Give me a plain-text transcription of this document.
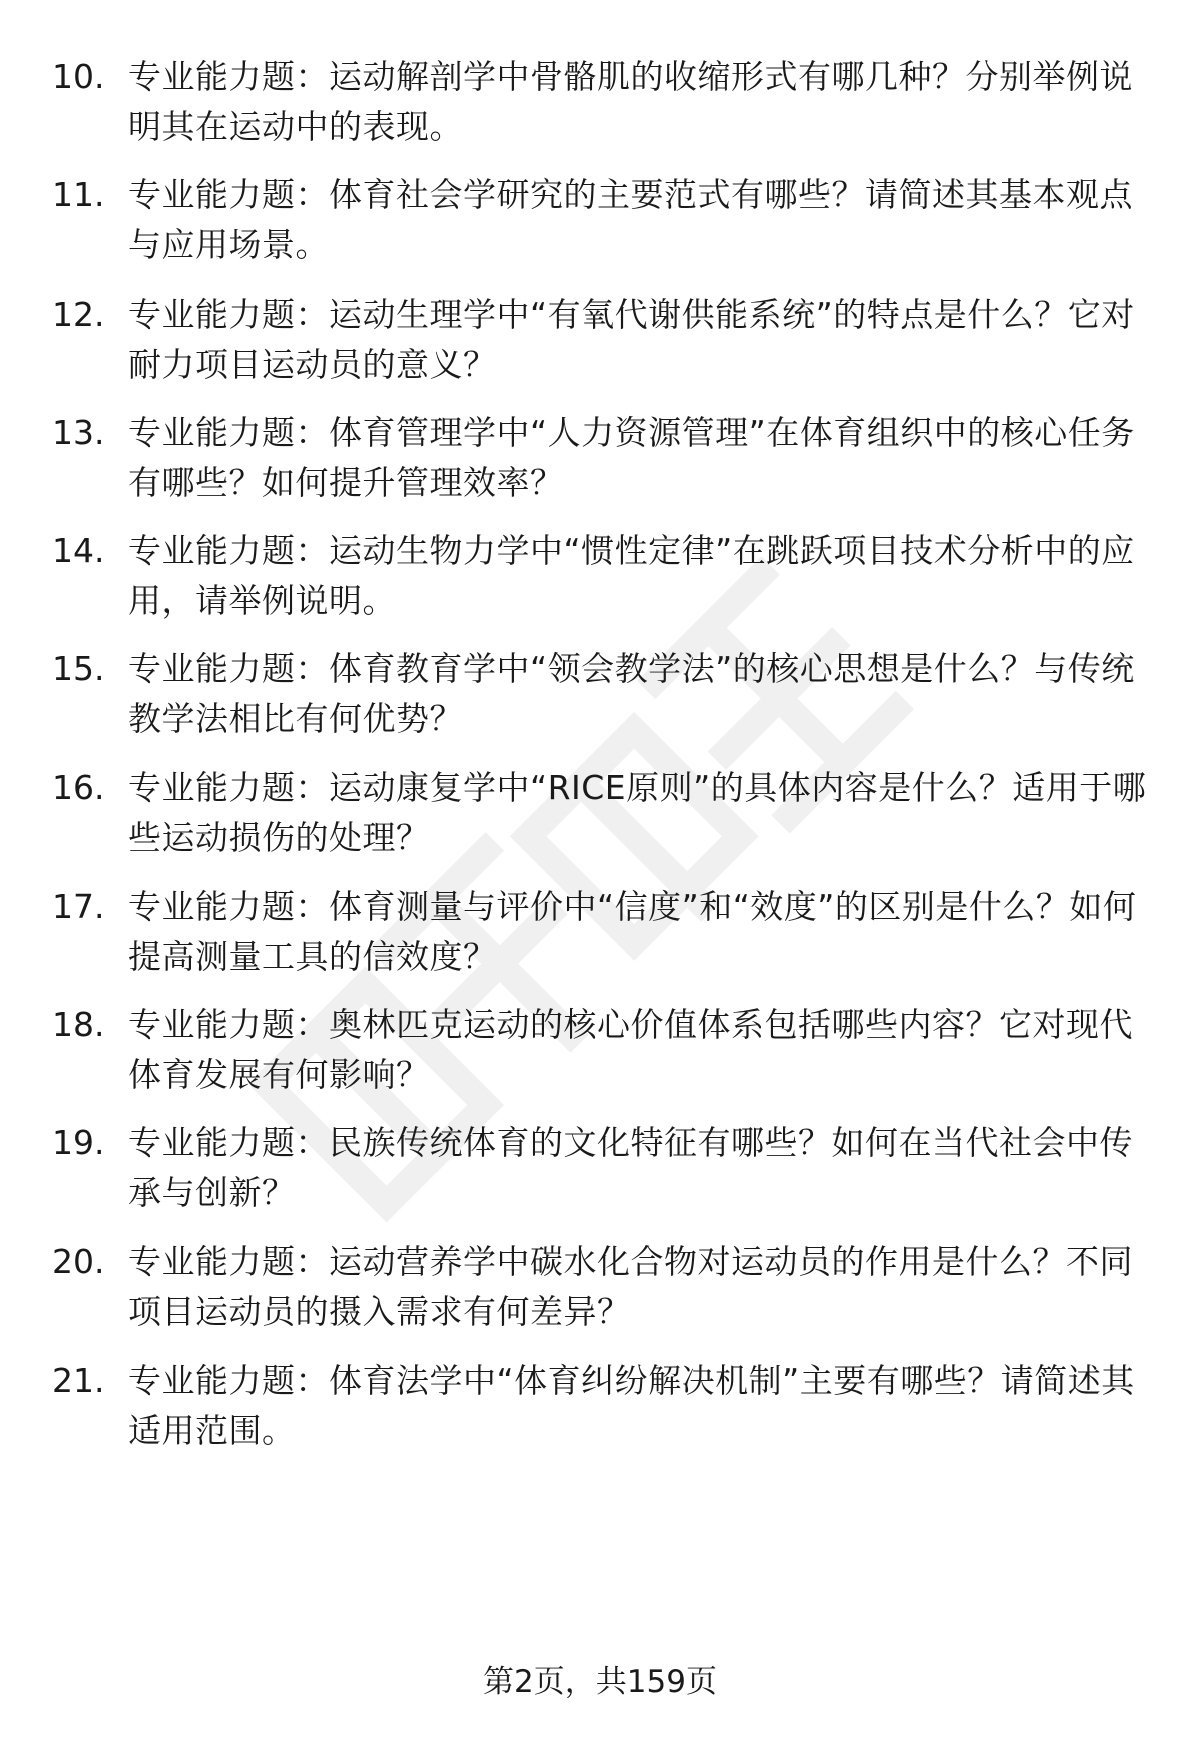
10. 专业能力题：运动解剖学中骨骼肌的收缩形式有哪几种？分别举例说明其在运动中的表现。
11. 专业能力题：体育社会学研究的主要范式有哪些？请简述其基本观点与应用场景。
12. 专业能力题：运动生理学中“有氧代谢供能系统”的特点是什么？它对耐力项目运动员的意义？
13. 专业能力题：体育管理学中“人力资源管理”在体育组织中的核心任务有哪些？如何提升管理效率？
14. 专业能力题：运动生物力学中“惯性定律”在跳跃项目技术分析中的应用，请举例说明。
15. 专业能力题：体育教育学中“领会教学法”的核心思想是什么？与传统教学法相比有何优势？
16. 专业能力题：运动康复学中“RICE原则”的具体内容是什么？适用于哪些运动损伤的处理？
17. 专业能力题：体育测量与评价中“信度”和“效度”的区别是什么？如何提高测量工具的信效度？
18. 专业能力题：奥林匹克运动的核心价值体系包括哪些内容？它对现代体育发展有何影响？
19. 专业能力题：民族传统体育的文化特征有哪些？如何在当代社会中传承与创新？
20. 专业能力题：运动营养学中碳水化合物对运动员的作用是什么？不同项目运动员的摄入需求有何差异？
21. 专业能力题：体育法学中“体育纠纷解决机制”主要有哪些？请简述其适用范围。
第2页，共159页
